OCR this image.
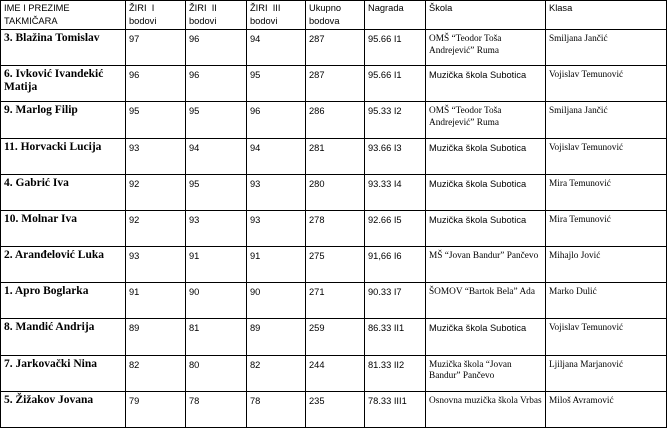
IME I PREZIME TAKMIČARA	ŽIRI  I bodovi	ŽIRI  II bodovi	ŽIRI  III bodovi	Ukupno bodova	Nagrada	Škola	Klasa

3. Blažina Tomislav	97	96	94	287	95.66 I1	OMŠ “Teodor Toša Andrejević” Ruma	Smiljana Jančić

6. Ivković Ivandekić Matija	96	96	95	287	95.66 I1	Muzička škola Subotica	Vojislav Temunović

9. Marlog Filip	95	95	96	286	95.33 I2	OMŠ “Teodor Toša Andrejević” Ruma	Smiljana Jančić

11. Horvacki Lucija	93	94	94	281	93.66 I3	Muzička škola Subotica	Vojislav Temunović

4. Gabrić Iva	92	95	93	280	93.33 I4	Muzička škola Subotica	Mira Temunović

10. Molnar Iva	92	93	93	278	92.66 I5	Muzička škola Subotica	Mira Temunović

2. Aranđelović Luka	93	91	91	275	91,66 I6	MŠ “Jovan Bandur” Pančevo	Mihajlo Jović

1. Apro Boglarka	91	90	90	271	90.33 I7	ŠOMOV “Bartok Bela” Ada	Marko Dulić

8. Mandić Andrija	89	81	89	259	86.33 II1	Muzička škola Subotica	Vojislav Temunović

7. Jarkovački Nina	82	80	82	244	81.33 II2	Muzička škola “Jovan Bandur” Pančevo	Ljiljana Marjanović

5. Žižakov Jovana	79	78	78	235	78.33 III1	Osnovna muzička škola Vrbas	Miloš Avramović
